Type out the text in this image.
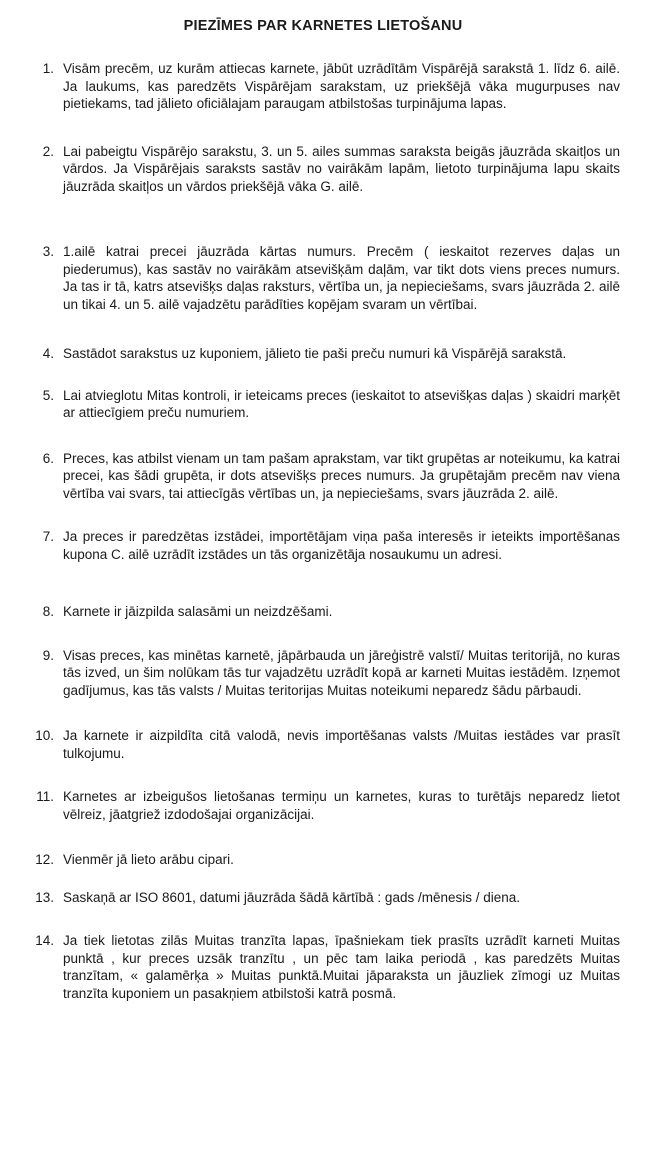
PIEZĪMES PAR KARNETES LIETOŠANU
1. Visām precēm, uz kurām attiecas karnete, jābūt uzrādītām Vispārējā sarakstā 1. līdz 6. ailē. Ja laukums, kas paredzēts Vispārējam sarakstam, uz priekšējā vāka mugurpuses nav pietiekams, tad jālieto oficiālajam paraugam atbilstošas turpinājuma lapas.
2. Lai pabeigtu Vispārējo sarakstu, 3. un 5. ailes summas saraksta beigās jāuzrāda skaitļos un vārdos. Ja Vispārējais saraksts sastāv no vairākām lapām, lietoto turpinājuma lapu skaits jāuzrāda skaitļos un vārdos priekšējā vāka G. ailē.
3. 1.ailē katrai precei jāuzrāda kārtas numurs. Precēm ( ieskaitot rezerves daļas un piederumus), kas sastāv no vairākām atsevišķām daļām, var tikt dots viens preces numurs. Ja tas ir tā, katrs atsevišķs daļas raksturs, vērtība un, ja nepieciešams, svars jāuzrāda 2. ailē un tikai 4. un 5. ailē vajadzētu parādīties kopējam svaram un vērtībai.
4. Sastādot sarakstus uz kuponiem, jālieto tie paši preču numuri kā Vispārējā sarakstā.
5. Lai atvieglotu Mitas kontroli, ir ieteicams preces (ieskaitot to atsevišķas daļas ) skaidri marķēt ar attiecīgiem preču numuriem.
6. Preces, kas atbilst vienam un tam pašam aprakstam, var tikt grupētas ar noteikumu, ka katrai precei, kas šādi grupēta, ir dots atsevišķs preces numurs. Ja grupētajām precēm nav viena vērtība vai svars, tai attiecīgās vērtības un, ja nepieciešams, svars jāuzrāda 2. ailē.
7. Ja preces ir paredzētas izstādei, importētājam viņa paša interesēs ir ieteikts importēšanas kupona C. ailē uzrādīt izstādes un tās organizētāja nosaukumu un adresi.
8. Karnete ir jāizpilda salasāmi un neizdzēšami.
9. Visas preces, kas minētas karnetē, jāpārbauda un jāreģistrē valstī/ Muitas teritorijā, no kuras tās izved, un šim nolūkam tās tur vajadzētu uzrādīt kopā ar karneti Muitas iestādēm. Izņemot gadījumus, kas tās valsts / Muitas teritorijas Muitas noteikumi neparedz šādu pārbaudi.
10. Ja karnete ir aizpildīta citā valodā, nevis importēšanas valsts /Muitas iestādes var prasīt tulkojumu.
11. Karnetes ar izbeigušos lietošanas termiņu un karnetes, kuras to turētājs neparedz lietot vēlreiz, jāatgriež izdodošajai organizācijai.
12. Vienmēr jā lieto arābu cipari.
13. Saskaņā ar ISO 8601, datumi jāuzrāda šādā kārtībā : gads /mēnesis / diena.
14. Ja tiek lietotas zilās Muitas tranzīta lapas, īpašniekam tiek prasīts uzrādīt karneti Muitas punktā , kur preces uzsāk tranzītu , un pēc tam laika periodā , kas paredzēts Muitas tranzītam, « galamērķa » Muitas punktā.Muitai jāparaksta un jāuzliek zīmogi uz Muitas tranzīta kuponiem un pasakņiem atbilstoši katrā posmā.
